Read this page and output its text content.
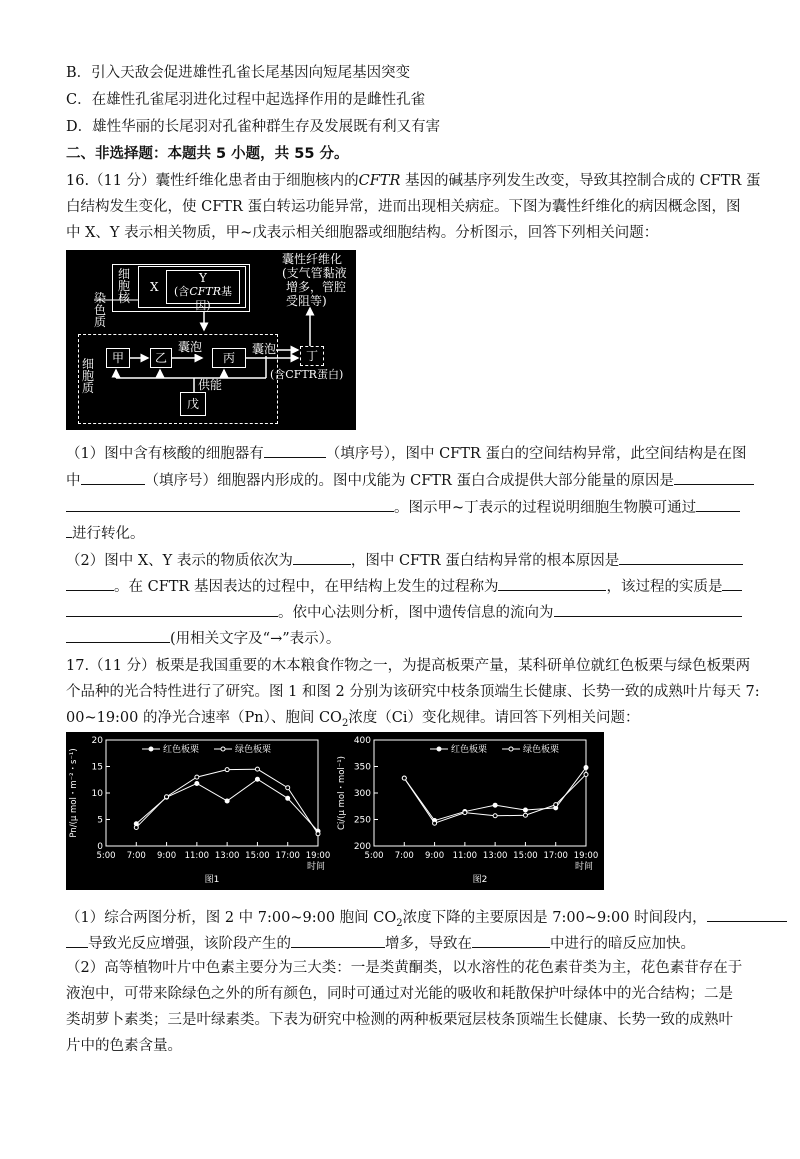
B．引入天敌会促进雄性孔雀长尾基因向短尾基因突变
C．在雄性孔雀尾羽进化过程中起选择作用的是雌性孔雀
D．雄性华丽的长尾羽对孔雀种群生存及发展既有利又有害
二、非选择题：本题共 5 小题，共 55 分。
16.（11 分）囊性纤维化患者由于细胞核内的CFTR 基因的碱基序列发生改变，导致其控制合成的 CFTR 蛋
白结构发生变化，使 CFTR 蛋白转运功能异常，进而出现相关病症。下图为囊性纤维化的病因概念图，图
中 X、Y 表示相关物质，甲~戊表示相关细胞器或细胞结构。分析图示，回答下列相关问题：
细胞核
X
Y
(含CFTR基因)
染色质
细胞质
甲	乙	丙	丁
戊
囊泡	囊泡
供能
(含CFTR蛋白)
囊性纤维化
(支气管黏液
增多，管腔
受阻等)
（1）图中含有核酸的细胞器有	（填序号），图中 CFTR 蛋白的空间结构异常，此空间结构是在图
中	（填序号）细胞器内形成的。图中戊能为 CFTR 蛋白合成提供大部分能量的原因是
。图示甲~丁表示的过程说明细胞生物膜可通过
进行转化。
（2）图中 X、Y 表示的物质依次为	，图中 CFTR 蛋白结构异常的根本原因是
。在 CFTR 基因表达的过程中，在甲结构上发生的过程称为	，该过程的实质是
。依中心法则分析，图中遗传信息的流向为
(用相关文字及“→”表示）。
17.（11 分）板栗是我国重要的木本粮食作物之一，为提高板栗产量，某科研单位就红色板栗与绿色板栗两
个品种的光合特性进行了研究。图 1 和图 2 分别为该研究中枝条顶端生长健康、长势一致的成熟叶片每天 7:
00~19:00 的净光合速率（Pn）、胞间 $CO_2$浓度（Ci）变化规律。请回答下列相关问题：
0
5
10
15
20
5:00 7:00 9:00 11:00 13:00 15:00 17:00 19:00
时间
Pn/(μ mol・m⁻²・s⁻¹)
图1
红色板栗	绿色板栗
200
250
300
350
400
5:00 7:00 9:00 11:00 13:00 15:00 17:00 19:00
时间
Ci/(μ mol・mol⁻¹)
图2
红色板栗	绿色板栗
（1）综合两图分析，图 2 中 7:00~9:00 胞间 $CO_2$浓度下降的主要原因是 7:00~9:00 时间段内，
导致光反应增强，该阶段产生的	增多，导致在	中进行的暗反应加快。
（2）高等植物叶片中色素主要分为三大类：一是类黄酮类，以水溶性的花色素苷类为主，花色素苷存在于
液泡中，可带来除绿色之外的所有颜色，同时可通过对光能的吸收和耗散保护叶绿体中的光合结构；二是
类胡萝卜素类；三是叶绿素类。下表为研究中检测的两种板栗冠层枝条顶端生长健康、长势一致的成熟叶
片中的色素含量。
